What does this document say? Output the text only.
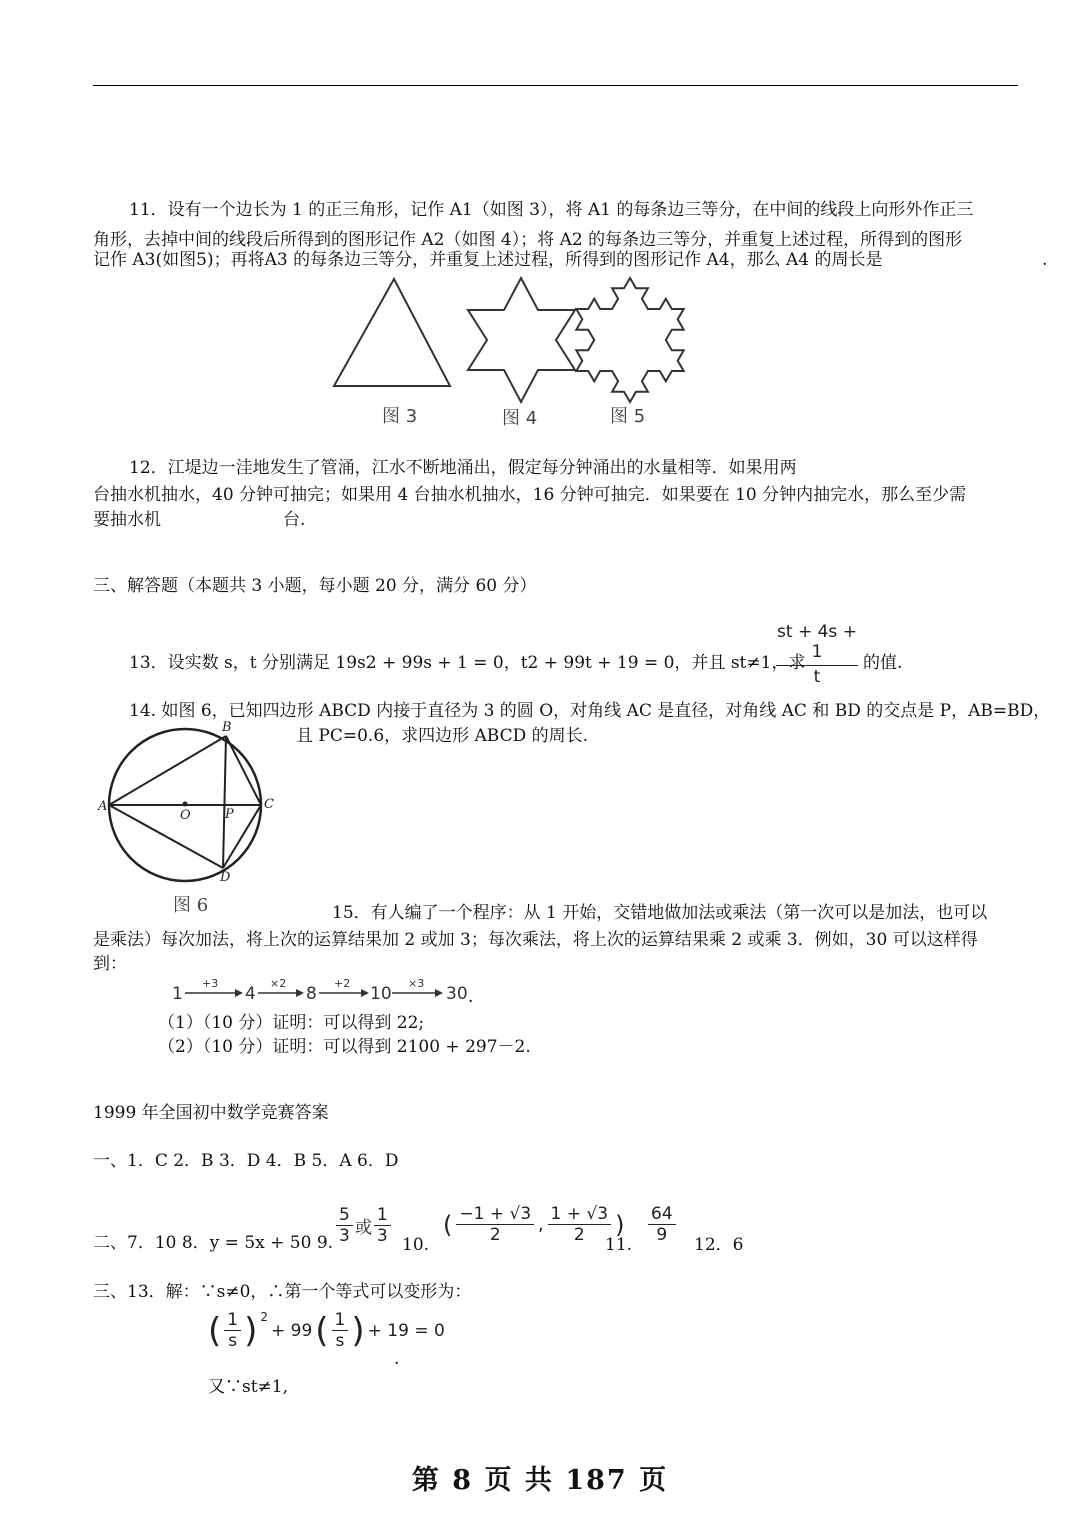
11．设有一个边长为 1 的正三角形，记作 A1（如图 3），将 A1 的每条边三等分，在中间的线段上向形外作正三
角形，去掉中间的线段后所得到的图形记作 A2（如图 4）；将 A2 的每条边三等分，并重复上述过程，所得到的图形
记作 A3(如图5)；再将A3 的每条边三等分，并重复上述过程，所得到的图形记作 A4，那么 A4 的周长是	.
图 3	图 4	图 5
12．江堤边一洼地发生了管涌，江水不断地涌出，假定每分钟涌出的水量相等．如果用两
台抽水机抽水，40 分钟可抽完；如果用 4 台抽水机抽水，16 分钟可抽完．如果要在 10 分钟内抽完水，那么至少需
要抽水机	台.
三、解答题（本题共 3 小题，每小题 20 分，满分 60 分）
13．设实数 s，t 分别满足 19s2 + 99s + 1 = 0，t2 + 99t + 19 = 0，并且 st≠1，求
$\frac{st + 4s + 1}{t}$ 的值.
14. 如图 6，已知四边形 ABCD 内接于直径为 3 的圆 O，对角线 AC 是直径，对角线 AC 和 BD 的交点是 P，AB=BD，
且 PC=0.6，求四边形 ABCD 的周长.
A
B
C
D
O	P
图 6	15．有人编了一个程序：从 1 开始，交错地做加法或乘法（第一次可以是加法，也可以
是乘法）每次加法，将上次的运算结果加 2 或加 3；每次乘法，将上次的运算结果乘 2 或乘 3．例如，30 可以这样得
到：
1
+3
4
×2
8
+2
10
×3
30 .
（1）（10 分）证明：可以得到 22;
（2）（10 分）证明：可以得到 2100 + 297－2.
1999 年全国初中数学竞赛答案
一、1．C 2．B 3．D 4．B 5．A 6．D
二、7．10 8．y = 5x + 50 9. $\frac{5}{3}$ 或 $\frac{1}{3} 10$.
( $\frac{-1 + √3}{2}$ , $\frac{1 + √3}{2}$ )
11. $\frac{64}{9} 12$．6
三、13．解：∵s≠0，∴第一个等式可以变形为：
( $\frac{1}{s}$ ) 2
+ 99 ( $\frac{1}{s}$ ) + 19 = 0
.
又∵st≠1,
第 8 页 共 187 页
